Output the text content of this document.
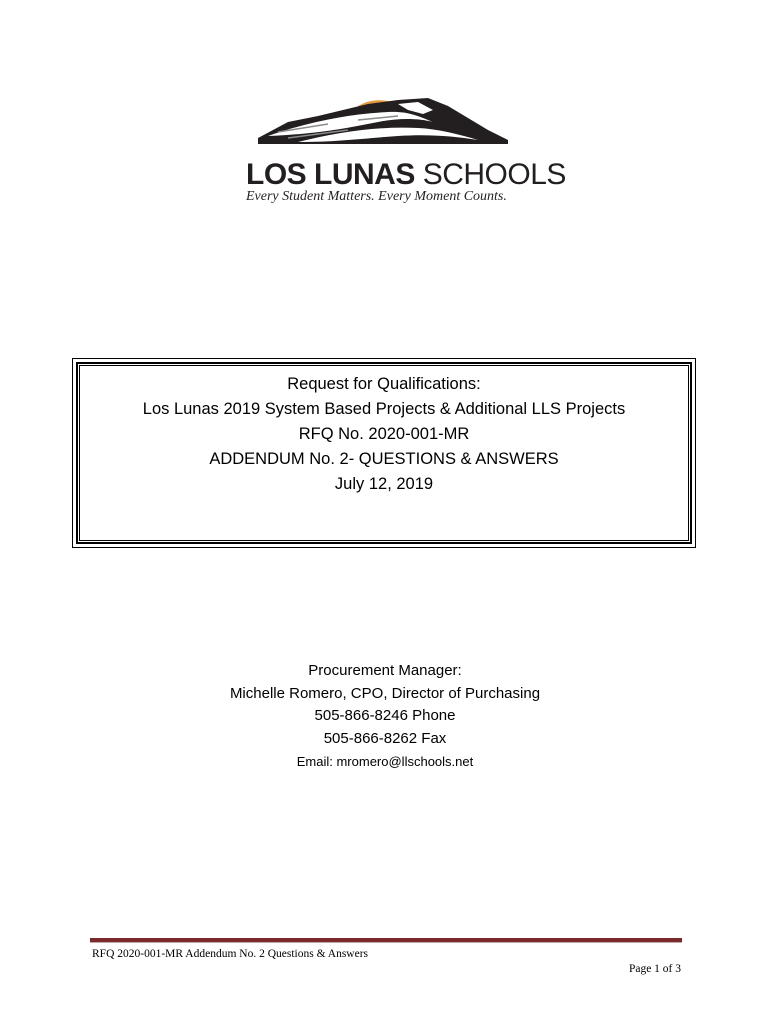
LOS LUNAS SCHOOLS
Every Student Matters. Every Moment Counts.
Request for Qualifications:
Los Lunas 2019 System Based Projects & Additional LLS Projects
RFQ No. 2020-001-MR
ADDENDUM No. 2- QUESTIONS & ANSWERS
July 12, 2019
Procurement Manager:
Michelle Romero, CPO, Director of Purchasing
505-866-8246 Phone
505-866-8262 Fax
Email: mromero@llschools.net
RFQ 2020-001-MR Addendum No. 2 Questions & Answers
Page 1 of 3
